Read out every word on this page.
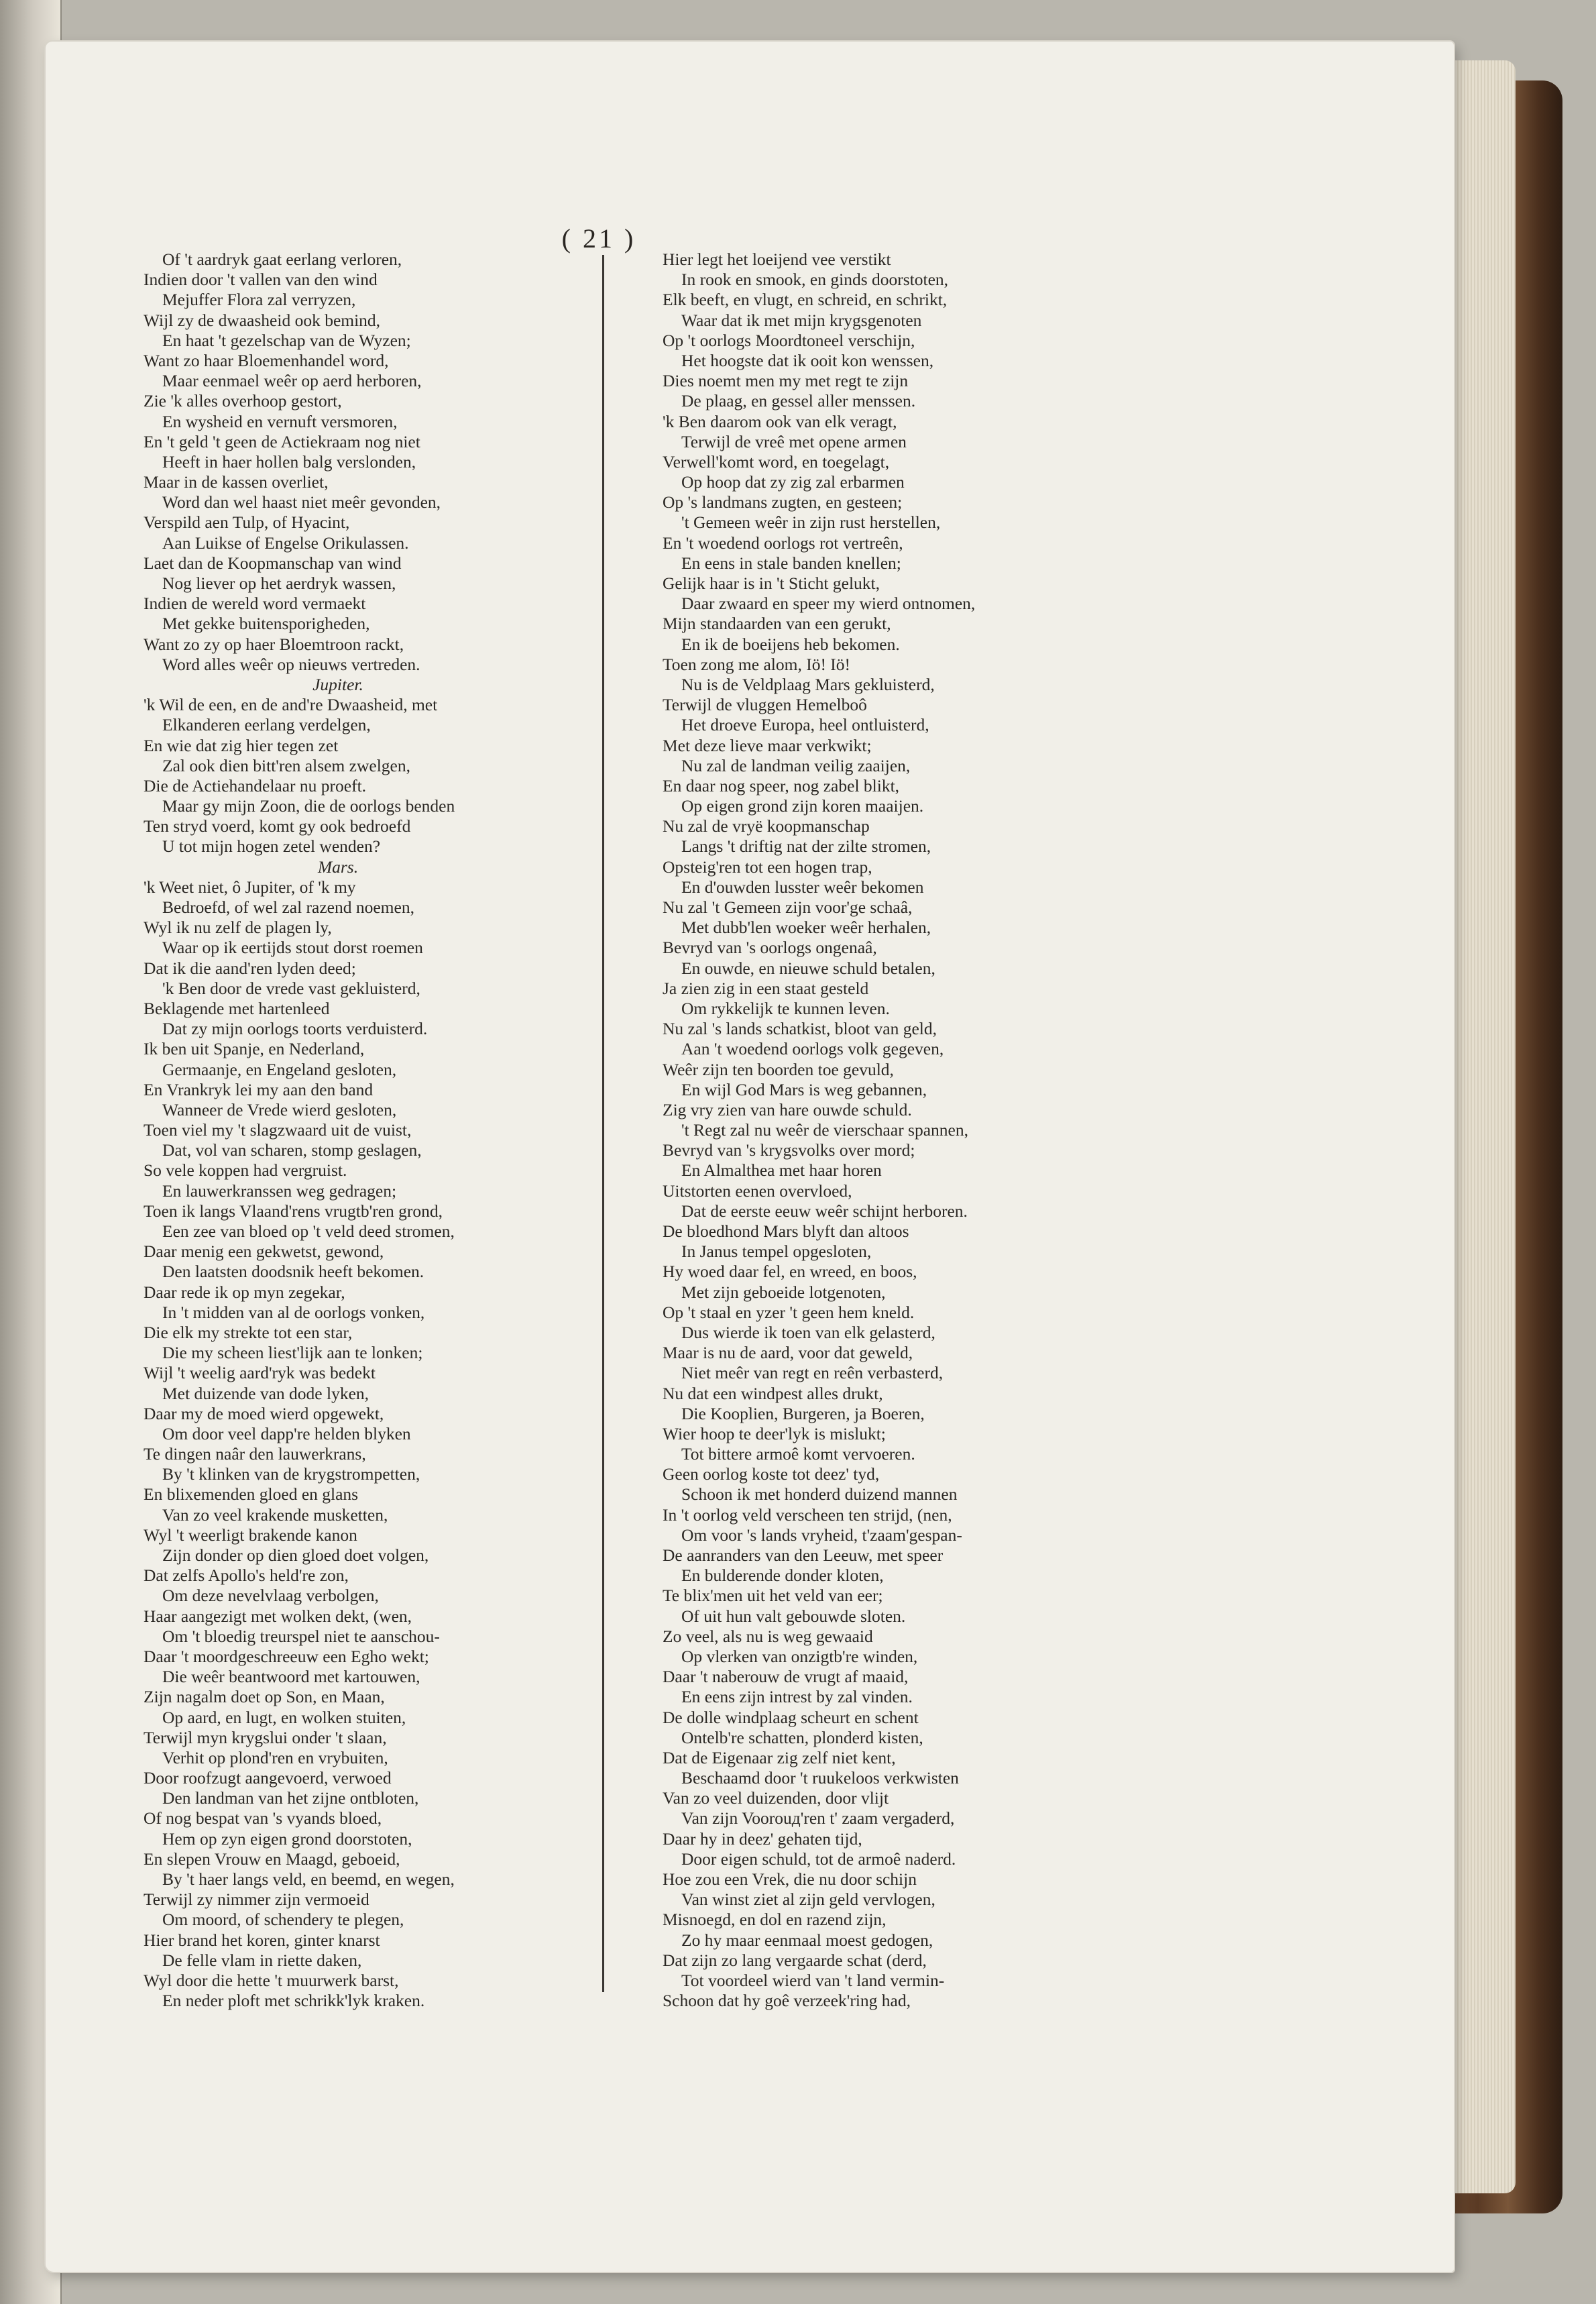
( 21 )
Of 't aardryk gaat eerlang verloren,
Indien door 't vallen van den wind
Mejuffer Flora zal verryzen,
Wijl zy de dwaasheid ook bemind,
En haat 't gezelschap van de Wyzen;
Want zo haar Bloemenhandel word,
Maar eenmael weêr op aerd herboren,
Zie 'k alles overhoop gestort,
En wysheid en vernuft versmoren,
En 't geld 't geen de Actiekraam nog niet
Heeft in haer hollen balg verslonden,
Maar in de kassen overliet,
Word dan wel haast niet meêr gevonden,
Verspild aen Tulp, of Hyacint,
Aan Luikse of Engelse Orikulassen.
Laet dan de Koopmanschap van wind
Nog liever op het aerdryk wassen,
Indien de wereld word vermaekt
Met gekke buitensporigheden,
Want zo zy op haer Bloemtroon rackt,
Word alles weêr op nieuws vertreden.
Jupiter.
'k Wil de een, en de and're Dwaasheid, met
Elkanderen eerlang verdelgen,
En wie dat zig hier tegen zet
Zal ook dien bitt'ren alsem zwelgen,
Die de Actiehandelaar nu proeft.
Maar gy mijn Zoon, die de oorlogs benden
Ten stryd voerd, komt gy ook bedroefd
U tot mijn hogen zetel wenden?
Mars.
'k Weet niet, ô Jupiter, of 'k my
Bedroefd, of wel zal razend noemen,
Wyl ik nu zelf de plagen ly,
Waar op ik eertijds stout dorst roemen
Dat ik die aand'ren lyden deed;
'k Ben door de vrede vast gekluisterd,
Beklagende met hartenleed
Dat zy mijn oorlogs toorts verduisterd.
Ik ben uit Spanje, en Nederland,
Germaanje, en Engeland gesloten,
En Vrankryk lei my aan den band
Wanneer de Vrede wierd gesloten,
Toen viel my 't slagzwaard uit de vuist,
Dat, vol van scharen, stomp geslagen,
So vele koppen had vergruist.
En lauwerkranssen weg gedragen;
Toen ik langs Vlaand'rens vrugtb'ren grond,
Een zee van bloed op 't veld deed stromen,
Daar menig een gekwetst, gewond,
Den laatsten doodsnik heeft bekomen.
Daar rede ik op myn zegekar,
In 't midden van al de oorlogs vonken,
Die elk my strekte tot een star,
Die my scheen liest'lijk aan te lonken;
Wijl 't weelig aard'ryk was bedekt
Met duizende van dode lyken,
Daar my de moed wierd opgewekt,
Om door veel dapp're helden blyken
Te dingen naâr den lauwerkrans,
By 't klinken van de krygstrompetten,
En blixemenden gloed en glans
Van zo veel krakende musketten,
Wyl 't weerligt brakende kanon
Zijn donder op dien gloed doet volgen,
Dat zelfs Apollo's held're zon,
Om deze nevelvlaag verbolgen,
Haar aangezigt met wolken dekt, (wen,
Om 't bloedig treurspel niet te aanschou-
Daar 't moordgeschreeuw een Egho wekt;
Die weêr beantwoord met kartouwen,
Zijn nagalm doet op Son, en Maan,
Op aard, en lugt, en wolken stuiten,
Terwijl myn krygslui onder 't slaan,
Verhit op plond'ren en vrybuiten,
Door roofzugt aangevoerd, verwoed
Den landman van het zijne ontbloten,
Of nog bespat van 's vyands bloed,
Hem op zyn eigen grond doorstoten,
En slepen Vrouw en Maagd, geboeid,
By 't haer langs veld, en beemd, en wegen,
Terwijl zy nimmer zijn vermoeid
Om moord, of schendery te plegen,
Hier brand het koren, ginter knarst
De felle vlam in riette daken,
Wyl door die hette 't muurwerk barst,
En neder ploft met schrikk'lyk kraken.
Hier legt het loeijend vee verstikt
In rook en smook, en ginds doorstoten,
Elk beeft, en vlugt, en schreid, en schrikt,
Waar dat ik met mijn krygsgenoten
Op 't oorlogs Moordtoneel verschijn,
Het hoogste dat ik ooit kon wenssen,
Dies noemt men my met regt te zijn
De plaag, en gessel aller menssen.
'k Ben daarom ook van elk veragt,
Terwijl de vreê met opene armen
Verwell'komt word, en toegelagt,
Op hoop dat zy zig zal erbarmen
Op 's landmans zugten, en gesteen;
't Gemeen weêr in zijn rust herstellen,
En 't woedend oorlogs rot vertreên,
En eens in stale banden knellen;
Gelijk haar is in 't Sticht gelukt,
Daar zwaard en speer my wierd ontnomen,
Mijn standaarden van een gerukt,
En ik de boeijens heb bekomen.
Toen zong me alom, Iö! Iö!
Nu is de Veldplaag Mars gekluisterd,
Terwijl de vluggen Hemelboô
Het droeve Europa, heel ontluisterd,
Met deze lieve maar verkwikt;
Nu zal de landman veilig zaaijen,
En daar nog speer, nog zabel blikt,
Op eigen grond zijn koren maaijen.
Nu zal de vryë koopmanschap
Langs 't driftig nat der zilte stromen,
Opsteig'ren tot een hogen trap,
En d'ouwden lusster weêr bekomen
Nu zal 't Gemeen zijn voor'ge schaâ,
Met dubb'len woeker weêr herhalen,
Bevryd van 's oorlogs ongenaâ,
En ouwde, en nieuwe schuld betalen,
Ja zien zig in een staat gesteld
Om rykkelijk te kunnen leven.
Nu zal 's lands schatkist, bloot van geld,
Aan 't woedend oorlogs volk gegeven,
Weêr zijn ten boorden toe gevuld,
En wijl God Mars is weg gebannen,
Zig vry zien van hare ouwde schuld.
't Regt zal nu weêr de vierschaar spannen,
Bevryd van 's krygsvolks over mord;
En Almalthea met haar horen
Uitstorten eenen overvloed,
Dat de eerste eeuw weêr schijnt herboren.
De bloedhond Mars blyft dan altoos
In Janus tempel opgesloten,
Hy woed daar fel, en wreed, en boos,
Met zijn geboeide lotgenoten,
Op 't staal en yzer 't geen hem kneld.
Dus wierde ik toen van elk gelasterd,
Maar is nu de aard, voor dat geweld,
Niet meêr van regt en reên verbasterd,
Nu dat een windpest alles drukt,
Die Kooplien, Burgeren, ja Boeren,
Wier hoop te deer'lyk is mislukt;
Tot bittere armoê komt vervoeren.
Geen oorlog koste tot deez' tyd,
Schoon ik met honderd duizend mannen
In 't oorlog veld verscheen ten strijd, (nen,
Om voor 's lands vryheid, t'zaam'gespan-
De aanranders van den Leeuw, met speer
En bulderende donder kloten,
Te blix'men uit het veld van eer;
Of uit hun valt gebouwde sloten.
Zo veel, als nu is weg gewaaid
Op vlerken van onzigtb're winden,
Daar 't naberouw de vrugt af maaid,
En eens zijn intrest by zal vinden.
De dolle windplaag scheurt en schent
Ontelb're schatten, plonderd kisten,
Dat de Eigenaar zig zelf niet kent,
Beschaamd door 't ruukeloos verkwisten
Van zo veel duizenden, door vlijt
Van zijn Voorouд'ren t' zaam vergaderd,
Daar hy in deez' gehaten tijd,
Door eigen schuld, tot de armoê naderd.
Hoe zou een Vrek, die nu door schijn
Van winst ziet al zijn geld vervlogen,
Misnoegd, en dol en razend zijn,
Zo hy maar eenmaal moest gedogen,
Dat zijn zo lang vergaarde schat (derd,
Tot voordeel wierd van 't land vermin-
Schoon dat hy goê verzeek'ring had,
